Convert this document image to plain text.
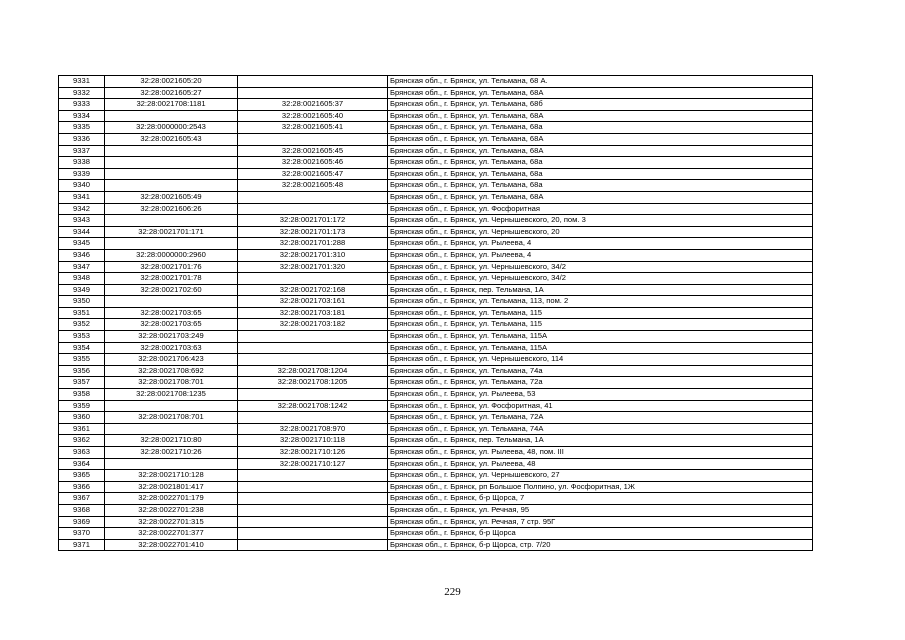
9331	32:28:0021605:20		Брянская обл., г. Брянск, ул. Тельмана, 68 А.
9332	32:28:0021605:27		Брянская обл., г. Брянск, ул. Тельмана, 68А
9333	32:28:0021708:1181	32:28:0021605:37	Брянская обл., г. Брянск, ул. Тельмана, 68б
9334		32:28:0021605:40	Брянская обл., г. Брянск, ул. Тельмана, 68А
9335	32:28:0000000:2543	32:28:0021605:41	Брянская обл., г. Брянск, ул. Тельмана, 68а
9336	32:28:0021605:43		Брянская обл., г. Брянск, ул. Тельмана, 68А
9337		32:28:0021605:45	Брянская обл., г. Брянск, ул. Тельмана, 68А
9338		32:28:0021605:46	Брянская обл., г. Брянск, ул. Тельмана, 68а
9339		32:28:0021605:47	Брянская обл., г. Брянск, ул. Тельмана, 68а
9340		32:28:0021605:48	Брянская обл., г. Брянск, ул. Тельмана, 68а
9341	32:28:0021605:49		Брянская обл., г. Брянск, ул. Тельмана, 68А
9342	32:28:0021606:26		Брянская обл., г. Брянск, ул. Фосфоритная
9343		32:28:0021701:172	Брянская обл., г. Брянск, ул. Чернышевского, 20, пом. 3
9344	32:28:0021701:171	32:28:0021701:173	Брянская обл., г. Брянск, ул. Чернышевского, 20
9345		32:28:0021701:288	Брянская обл., г. Брянск, ул. Рылеева, 4
9346	32:28:0000000:2960	32:28:0021701:310	Брянская обл., г. Брянск, ул. Рылеева, 4
9347	32:28:0021701:76	32:28:0021701:320	Брянская обл., г. Брянск, ул. Чернышевского, 34/2
9348	32:28:0021701:78		Брянская обл., г. Брянск, ул. Чернышевского, 34/2
9349	32:28:0021702:60	32:28:0021702:168	Брянская обл., г. Брянск, пер. Тельмана, 1А
9350		32:28:0021703:161	Брянская обл., г. Брянск, ул. Тельмана, 113, пом. 2
9351	32:28:0021703:65	32:28:0021703:181	Брянская обл., г. Брянск, ул. Тельмана, 115
9352	32:28:0021703:65	32:28:0021703:182	Брянская обл., г. Брянск, ул. Тельмана, 115
9353	32:28:0021703:249		Брянская обл., г. Брянск, ул. Тельмана, 115А
9354	32:28:0021703:63		Брянская обл., г. Брянск, ул. Тельмана, 115А
9355	32:28:0021706:423		Брянская обл., г. Брянск, ул. Чернышевского, 114
9356	32:28:0021708:692	32:28:0021708:1204	Брянская обл., г. Брянск, ул. Тельмана, 74а
9357	32:28:0021708:701	32:28:0021708:1205	Брянская обл., г. Брянск, ул. Тельмана, 72а
9358	32:28:0021708:1235		Брянская обл., г. Брянск, ул. Рылеева, 53
9359		32:28:0021708:1242	Брянская обл., г. Брянск, ул. Фосфоритная, 41
9360	32:28:0021708:701		Брянская обл., г. Брянск, ул. Тельмана, 72А
9361		32:28:0021708:970	Брянская обл., г. Брянск, ул. Тельмана, 74А
9362	32:28:0021710:80	32:28:0021710:118	Брянская обл., г. Брянск, пер. Тельмана, 1А
9363	32:28:0021710:26	32:28:0021710:126	Брянская обл., г. Брянск, ул. Рылеева, 48, пом. III
9364		32:28:0021710:127	Брянская обл., г. Брянск, ул. Рылеева, 48
9365	32:28:0021710:128		Брянская обл., г. Брянск, ул. Чернышевского, 27
9366	32:28:0021801:417		Брянская обл., г. Брянск, рп Большое Полпино, ул. Фосфоритная, 1Ж
9367	32:28:0022701:179		Брянская обл., г. Брянск, б-р Щорса, 7
9368	32:28:0022701:238		Брянская обл., г. Брянск, ул. Речная, 95
9369	32:28:0022701:315		Брянская обл., г. Брянск, ул. Речная, 7 стр. 95Г
9370	32:28:0022701:377		Брянская обл., г. Брянск, б-р Щорса
9371	32:28:0022701:410		Брянская обл., г. Брянск, б-р Щорса, стр. 7/20
229
